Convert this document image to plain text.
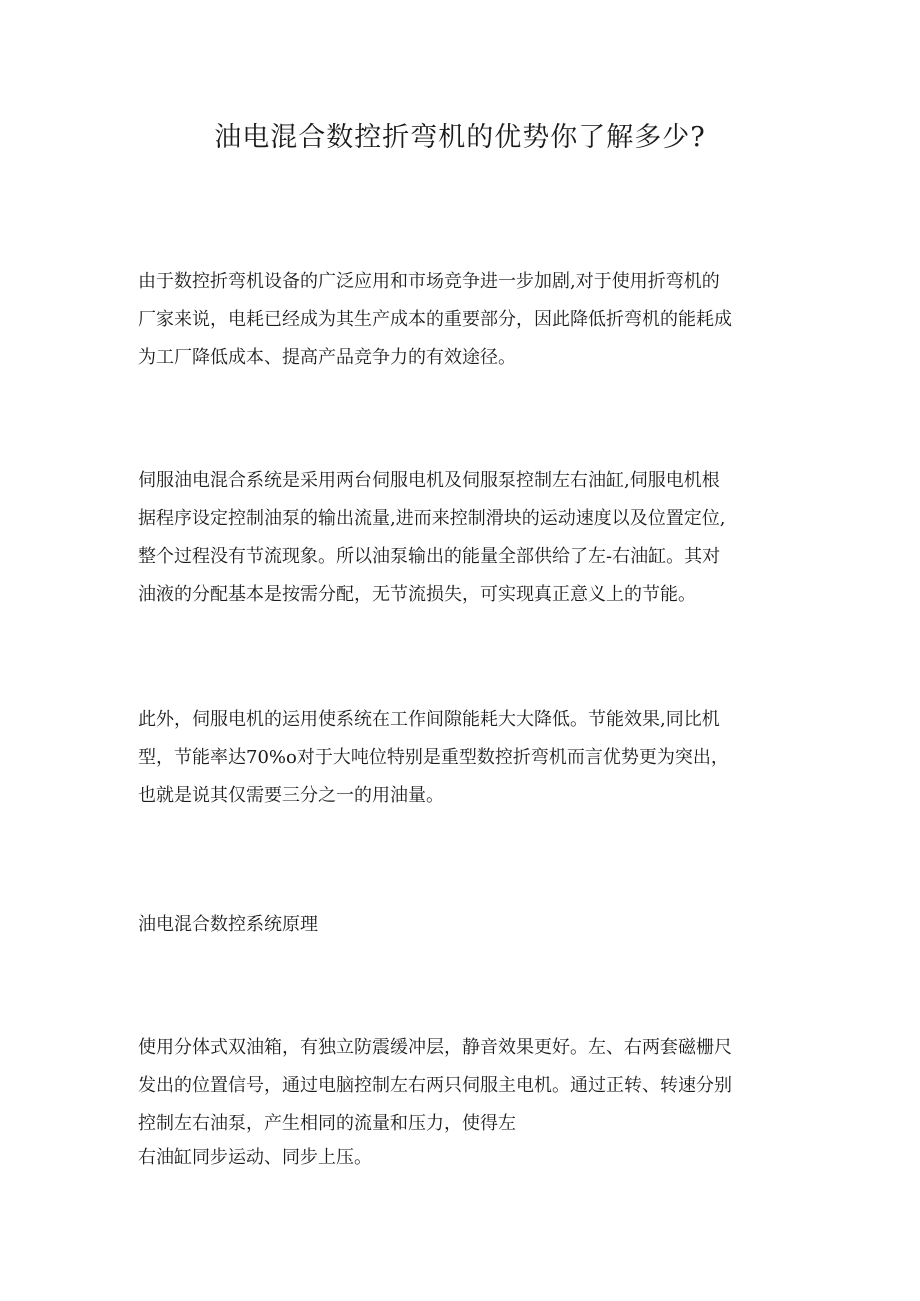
油电混合数控折弯机的优势你了解多少?
由于数控折弯机设备的广泛应用和市场竞争进一步加剧,对于使用折弯机的
厂家来说，电耗已经成为其生产成本的重要部分，因此降低折弯机的能耗成
为工厂降低成本、提高产品竞争力的有效途径。
伺服油电混合系统是采用两台伺服电机及伺服泵控制左右油缸,伺服电机根
据程序设定控制油泵的输出流量,进而来控制滑块的运动速度以及位置定位,
整个过程没有节流现象。所以油泵输出的能量全部供给了左-右油缸。其对
油液的分配基本是按需分配，无节流损失，可实现真正意义上的节能。
此外，伺服电机的运用使系统在工作间隙能耗大大降低。节能效果,同比机
型，节能率达70%o对于大吨位特别是重型数控折弯机而言优势更为突出，
也就是说其仅需要三分之一的用油量。
油电混合数控系统原理
使用分体式双油箱，有独立防震缓冲层，静音效果更好。左、右两套磁栅尺
发出的位置信号，通过电脑控制左右两只伺服主电机。通过正转、转速分别
控制左右油泵，产生相同的流量和压力，使得左
右油缸同步运动、同步上压。
